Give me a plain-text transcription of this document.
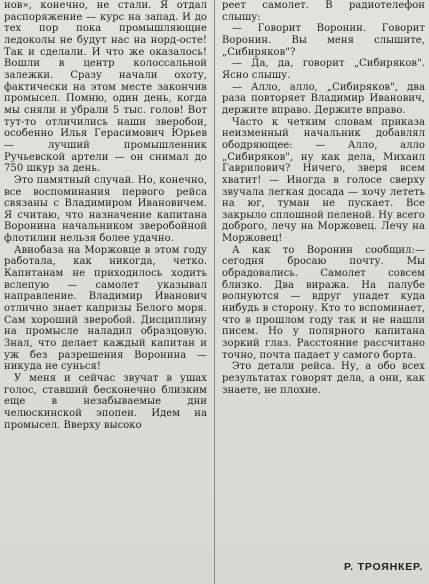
нов», конечно, не стали. Я отдал распоряжение — курс на запад. И до тех пор пока промышляющие ледоколы не будут нас на норд-осте! Так и сделали. И что же оказалось! Вошли в центр колоссальной залежки. Сразу начали охоту, фактически на этом месте закончив промысел. Помню, один день, когда мы сняли и убрали 5 тыс. голов! Вот тут-то отличились наши зверобои, особенно Илья Герасимович Юрьев — лучший промышленник Ручьевской артели — он снимал до 750 шкур за день.

Это памятный случай. Но, конечно, все воспоминания первого рейса связаны с Владимиром Ивановичем. Я считаю, что назначение капитана Воронина начальником зверобойной флотилии нельзя более удачно.

Авиобаза на Моржовце в этом году работала, как никогда, четко. Капитанам не приходилось ходить вслепую — самолет указывал направление. Владимир Иванович отлично знает капризы Белого моря. Сам хороший зверобой. Дисциплину на промысле наладил образцовую. Знал, что делает каждый капитан и уж без разрешения Воронина — никуда не сунься!

У меня и сейчас звучат в ушах голос, ставший бесконечно близким еще в незабываемые дни челюскинской эпопеи. Идем на промысел. Вверху высоко

реет самолет. В радиотелефон слышу:

— Говорит Воронин. Говорит Воронин. Вы меня слышите, „Сибиряков"?

— Да, да, говорит „Сибиряков". Ясно слышу.

— Алло, алло, „Сибиряков", два раза повторяет Владимир Иванович, держите вправо. Держите вправо.

Часто к четким словам приказа неизменный начальник добавлял ободряющее: — Алло, алло „Сибиряков", ну как дела, Михаил Гаврилович? Ничего, зверя всем хватит! — Иногда в голосе сверху звучала легкая досада — хочу лететь на юг, туман не пускает. Все закрыло сплошной пеленой. Ну всего доброго, лечу на Моржовец. Лечу на Моржовец!

А как то Воронин сообщил:— сегодня бросаю почту. Мы обрадовались. Самолет совсем близко. Два виража. На палубе волнуются — вдруг упадет куда нибудь в сторону. Кто то вспоминает, что в прошлом году так и не нашли писем. Но у полярного капитана зоркий глаз. Расстояние рассчитано точно, почта падает у самого борта.

Это детали рейса. Ну, а обо всех результатах говорят дела, а они, как знаете, не плохие.

Р. ТРОЯНКЕР.
